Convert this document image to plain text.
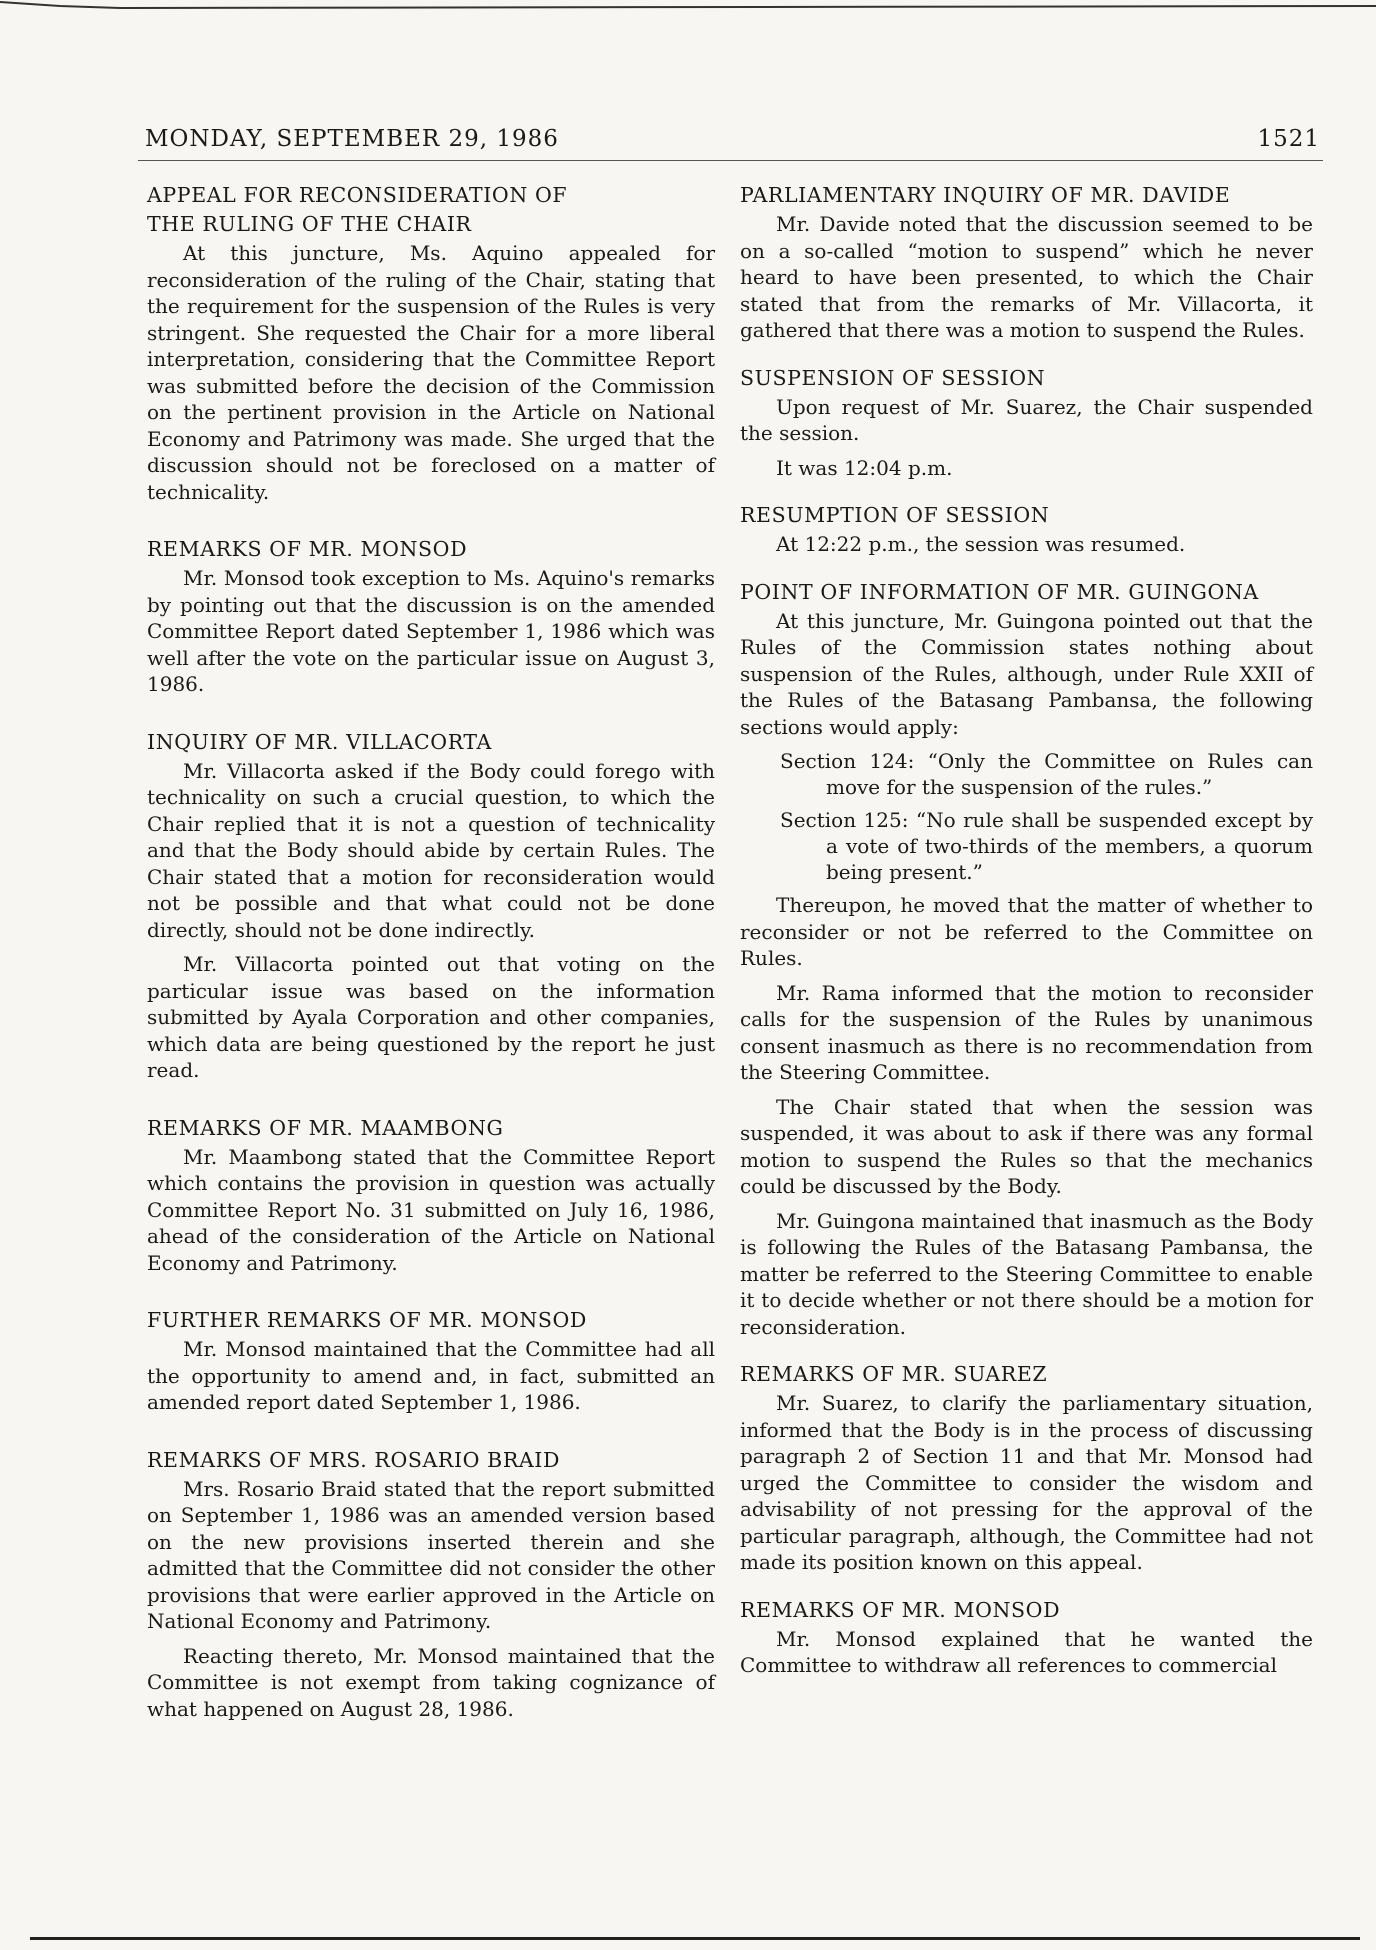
MONDAY, SEPTEMBER 29, 1986	1521
APPEAL FOR RECONSIDERATION OF THE RULING OF THE CHAIR

At this juncture, Ms. Aquino appealed for reconsideration of the ruling of the Chair, stating that the requirement for the suspension of the Rules is very stringent. She requested the Chair for a more liberal interpretation, considering that the Committee Report was submitted before the decision of the Commission on the pertinent provision in the Article on National Economy and Patrimony was made. She urged that the discussion should not be foreclosed on a matter of technicality.

REMARKS OF MR. MONSOD

Mr. Monsod took exception to Ms. Aquino's remarks by pointing out that the discussion is on the amended Committee Report dated September 1, 1986 which was well after the vote on the particular issue on August 3, 1986.

INQUIRY OF MR. VILLACORTA

Mr. Villacorta asked if the Body could forego with technicality on such a crucial question, to which the Chair replied that it is not a question of technicality and that the Body should abide by certain Rules. The Chair stated that a motion for reconsideration would not be possible and that what could not be done directly, should not be done indirectly.

Mr. Villacorta pointed out that voting on the particular issue was based on the information submitted by Ayala Corporation and other companies, which data are being questioned by the report he just read.

REMARKS OF MR. MAAMBONG

Mr. Maambong stated that the Committee Report which contains the provision in question was actually Committee Report No. 31 submitted on July 16, 1986, ahead of the consideration of the Article on National Economy and Patrimony.

FURTHER REMARKS OF MR. MONSOD

Mr. Monsod maintained that the Committee had all the opportunity to amend and, in fact, submitted an amended report dated September 1, 1986.

REMARKS OF MRS. ROSARIO BRAID

Mrs. Rosario Braid stated that the report submitted on September 1, 1986 was an amended version based on the new provisions inserted therein and she admitted that the Committee did not consider the other provisions that were earlier approved in the Article on National Economy and Patrimony.

Reacting thereto, Mr. Monsod maintained that the Committee is not exempt from taking cognizance of what happened on August 28, 1986.

PARLIAMENTARY INQUIRY OF MR. DAVIDE

Mr. Davide noted that the discussion seemed to be on a so-called “motion to suspend” which he never heard to have been presented, to which the Chair stated that from the remarks of Mr. Villacorta, it gathered that there was a motion to suspend the Rules.

SUSPENSION OF SESSION

Upon request of Mr. Suarez, the Chair suspended the session.

It was 12:04 p.m.

RESUMPTION OF SESSION

At 12:22 p.m., the session was resumed.

POINT OF INFORMATION OF MR. GUINGONA

At this juncture, Mr. Guingona pointed out that the Rules of the Commission states nothing about suspension of the Rules, although, under Rule XXII of the Rules of the Batasang Pambansa, the following sections would apply:

Section 124: “Only the Committee on Rules can move for the suspension of the rules.”

Section 125: “No rule shall be suspended except by a vote of two-thirds of the members, a quorum being present.”

Thereupon, he moved that the matter of whether to reconsider or not be referred to the Committee on Rules.

Mr. Rama informed that the motion to reconsider calls for the suspension of the Rules by unanimous consent inasmuch as there is no recommendation from the Steering Committee.

The Chair stated that when the session was suspended, it was about to ask if there was any formal motion to suspend the Rules so that the mechanics could be discussed by the Body.

Mr. Guingona maintained that inasmuch as the Body is following the Rules of the Batasang Pambansa, the matter be referred to the Steering Committee to enable it to decide whether or not there should be a motion for reconsideration.

REMARKS OF MR. SUAREZ

Mr. Suarez, to clarify the parliamentary situation, informed that the Body is in the process of discussing paragraph 2 of Section 11 and that Mr. Monsod had urged the Committee to consider the wisdom and advisability of not pressing for the approval of the particular paragraph, although, the Committee had not made its position known on this appeal.

REMARKS OF MR. MONSOD

Mr. Monsod explained that he wanted the Committee to withdraw all references to commercial
